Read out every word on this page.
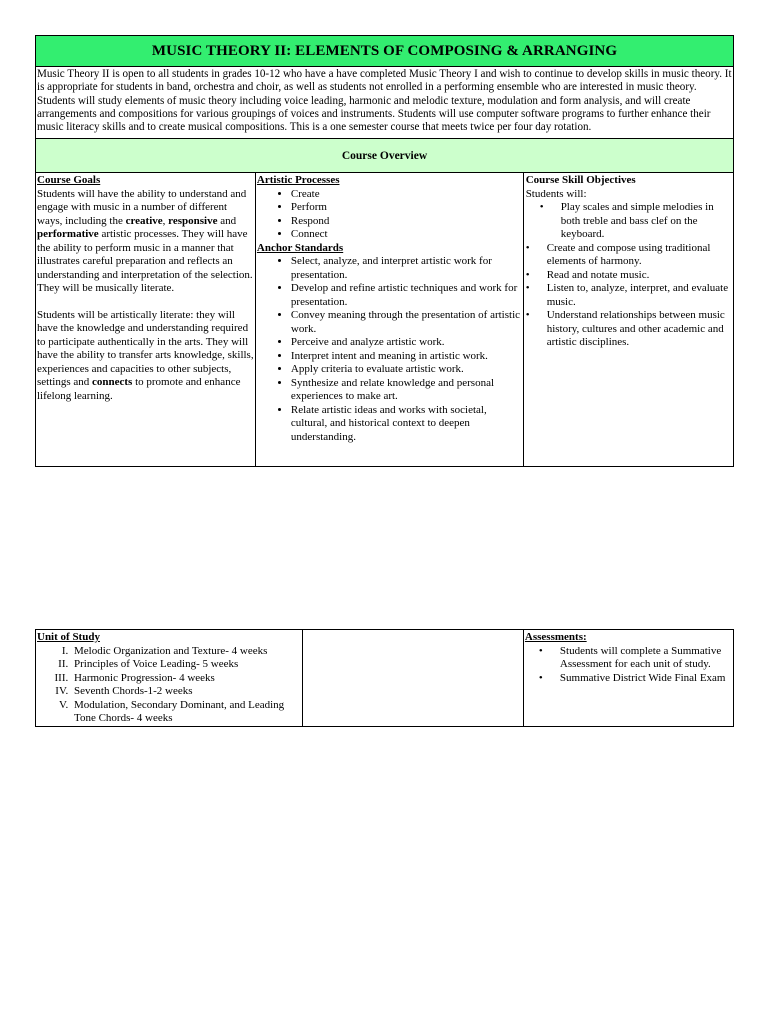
MUSIC THEORY II: ELEMENTS OF COMPOSING & ARRANGING
Music Theory II is open to all students in grades 10-12 who have a have completed Music Theory I and wish to continue to develop skills in music theory. It is appropriate for students in band, orchestra and choir, as well as students not enrolled in a performing ensemble who are interested in music theory. Students will study elements of music theory including voice leading, harmonic and melodic texture, modulation and form analysis, and will create arrangements and compositions for various groupings of voices and instruments. Students will use computer software programs to further enhance their music literacy skills and to create musical compositions. This is a one semester course that meets twice per four day rotation.
Course Overview

Course Goals

Students will have the ability to understand and engage with music in a number of different ways, including the creative, responsive and performative artistic processes. They will have the ability to perform music in a manner that illustrates careful preparation and reflects an understanding and interpretation of the selection. They will be musically literate.

Students will be artistically literate: they will have the knowledge and understanding required to participate authentically in the arts. They will have the ability to transfer arts knowledge, skills, experiences and capacities to other subjects, settings and connects to promote and enhance lifelong learning.

Artistic Processes
• Create
• Perform
• Respond
• Connect
Anchor Standards
• Select, analyze, and interpret artistic work for presentation.
• Develop and refine artistic techniques and work for presentation.
• Convey meaning through the presentation of artistic work.
• Perceive and analyze artistic work.
• Interpret intent and meaning in artistic work.
• Apply criteria to evaluate artistic work.
• Synthesize and relate knowledge and personal experiences to make art.
• Relate artistic ideas and works with societal, cultural, and historical context to deepen understanding.

Course Skill Objectives
Students will:
• Play scales and simple melodies in both treble and bass clef on the keyboard.
• Create and compose using traditional elements of harmony.
• Read and notate music.
• Listen to, analyze, interpret, and evaluate music.
• Understand relationships between music history, cultures and other academic and artistic disciplines.
Unit of Study
I. Melodic Organization and Texture- 4 weeks
II. Principles of Voice Leading- 5 weeks
III. Harmonic Progression- 4 weeks
IV. Seventh Chords-1-2 weeks
V. Modulation, Secondary Dominant, and Leading Tone Chords- 4 weeks

Assessments:
• Students will complete a Summative Assessment for each unit of study.
• Summative District Wide Final Exam
